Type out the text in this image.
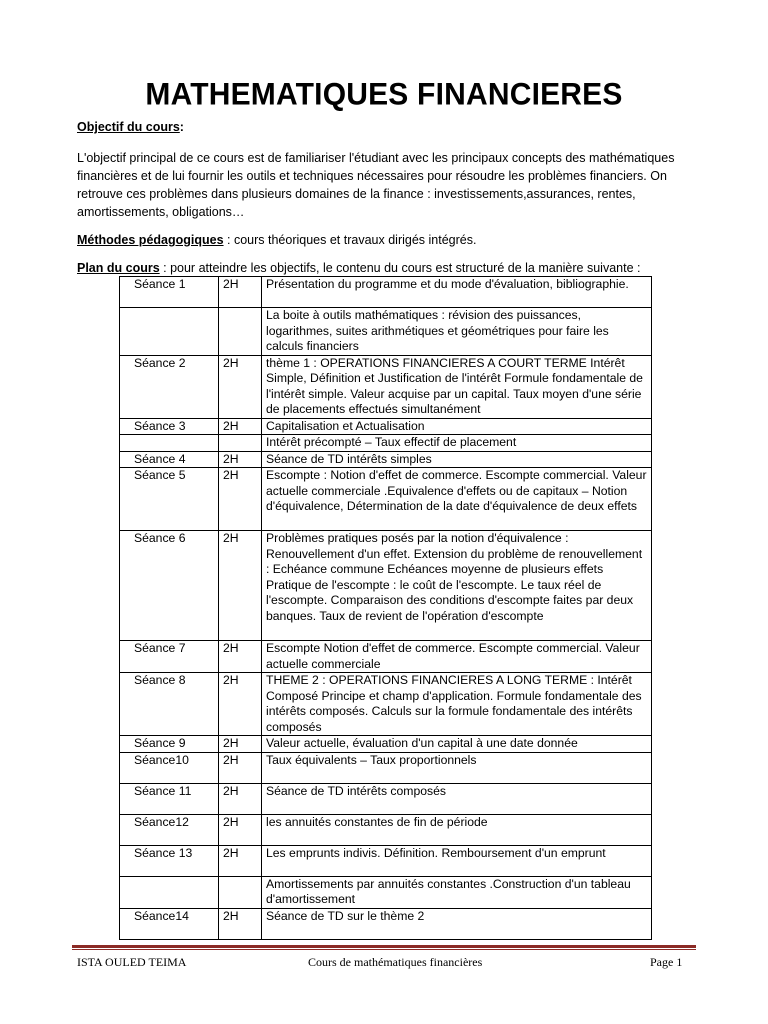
MATHEMATIQUES FINANCIERES
Objectif du cours:
L'objectif principal de ce cours est de familiariser l'étudiant avec les principaux concepts des mathématiques financières et de lui fournir les outils et techniques nécessaires pour résoudre les problèmes financiers. On retrouve ces problèmes dans plusieurs domaines de la finance : investissements,assurances, rentes, amortissements, obligations…
Méthodes pédagogiques : cours théoriques et travaux dirigés intégrés.
Plan du cours : pour atteindre les objectifs, le contenu du cours est structuré de la manière suivante :
Séance 1	2H	Présentation du programme et du mode d'évaluation, bibliographie.
		La boite à outils mathématiques : révision des puissances, logarithmes, suites arithmétiques et géométriques pour faire les calculs financiers
Séance 2	2H	thème 1 : OPERATIONS FINANCIERES A COURT TERME Intérêt Simple, Définition et Justification de l'intérêt Formule fondamentale de l'intérêt simple. Valeur acquise par un capital. Taux moyen d'une série de placements effectués simultanément
Séance 3	2H	Capitalisation et Actualisation
		Intérêt précompté – Taux effectif de placement
Séance 4	2H	Séance de TD intérêts simples
Séance 5	2H	Escompte : Notion d'effet de commerce. Escompte commercial. Valeur actuelle commerciale .Equivalence d'effets ou de capitaux – Notion d'équivalence, Détermination de la date d'équivalence de deux effets
Séance 6	2H	Problèmes pratiques posés par la notion d'équivalence : Renouvellement d'un effet. Extension du problème de renouvellement : Echéance commune Echéances moyenne de plusieurs effets Pratique de l'escompte : le coût de l'escompte. Le taux réel de l'escompte. Comparaison des conditions d'escompte faites par deux banques. Taux de revient de l'opération d'escompte
Séance 7	2H	Escompte Notion d'effet de commerce. Escompte commercial. Valeur actuelle commerciale
Séance 8	2H	THEME 2 : OPERATIONS FINANCIERES A LONG TERME : Intérêt Composé Principe et champ d'application. Formule fondamentale des intérêts composés. Calculs sur la formule fondamentale des intérêts composés
Séance 9	2H	Valeur actuelle, évaluation d'un capital à une date donnée
Séance10	2H	Taux équivalents – Taux proportionnels
Séance 11	2H	Séance de TD intérêts composés
Séance12	2H	les annuités constantes de fin de période
Séance 13	2H	Les emprunts indivis. Définition. Remboursement d'un emprunt
		Amortissements par annuités constantes .Construction d'un tableau d'amortissement
Séance14	2H	Séance de TD sur le thème 2
ISTA OULED TEIMA	Cours de mathématiques financières	Page 1
